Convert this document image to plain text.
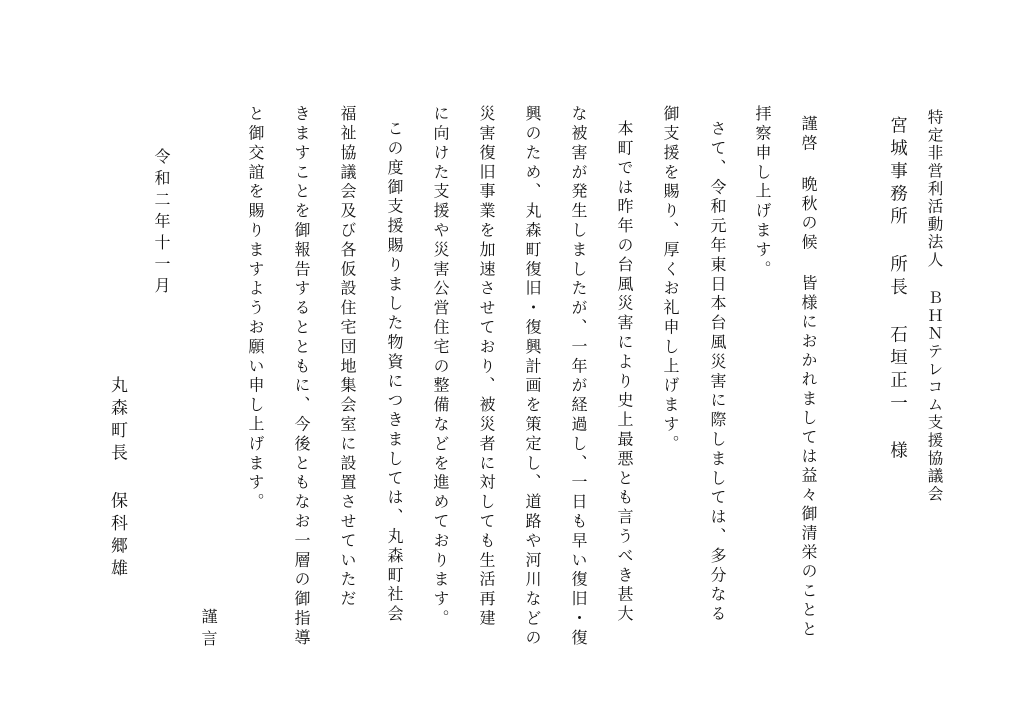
特定非営利活動法人 ＢＨＮテレコム支援協議会
宮城事務所 所長 石垣正一 様
謹啓 晩秋の候 皆様におかれましては益々御清栄のことと
拝察申し上げます。
さて、令和元年東日本台風災害に際しましては、多分なる
御支援を賜り、厚くお礼申し上げます。
本町では昨年の台風災害により史上最悪とも言うべき甚大
な被害が発生しましたが、一年が経過し、一日も早い復旧・復
興のため、丸森町復旧・復興計画を策定し、道路や河川などの
災害復旧事業を加速させており、被災者に対しても生活再建
に向けた支援や災害公営住宅の整備などを進めております。
この度御支援賜りました物資につきましては、丸森町社会
福祉協議会及び各仮設住宅団地集会室に設置させていただ
きますことを御報告するとともに、今後ともなお一層の御指導
と御交誼を賜りますようお願い申し上げます。
謹言
令和二年十一月
丸森町長 保科郷雄
